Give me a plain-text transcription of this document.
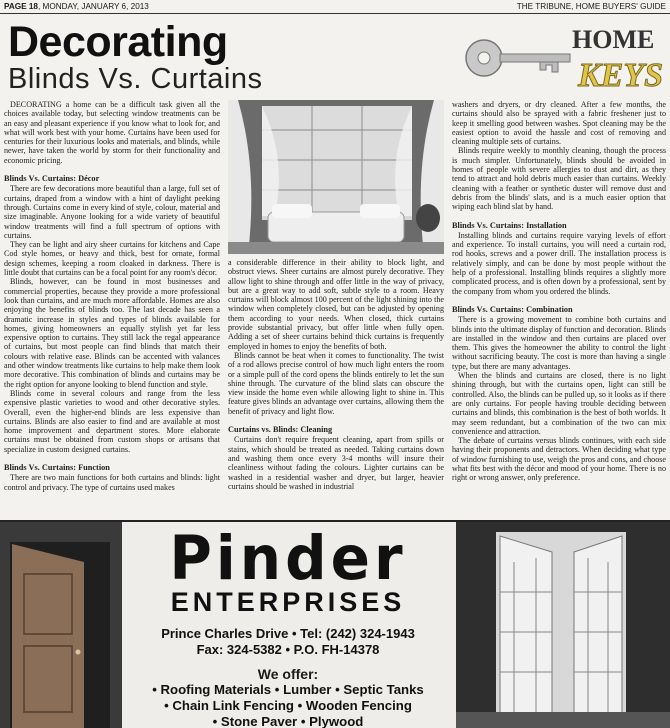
PAGE 18, MONDAY, JANUARY 6, 2013	THE TRIBUNE, HOME BUYERS' GUIDE
Decorating
Blinds Vs. Curtains
HOME
KEYS

DECORATING a home can be a difficult task given all the choices available today, but selecting window treatments can be an easy and pleasant experience if you know what to look for, and what will work best with your home. Curtains have been used for centuries for their luxurious looks and materials, and blinds, while newer, have taken the world by storm for their functionality and economic pricing.

Blinds Vs. Curtains: Décor

There are few decorations more beautiful than a large, full set of curtains, draped from a window with a hint of daylight peeking through. Curtains come in every kind of style, colour, material and size imaginable. Anyone looking for a wide variety of beautiful window treatments will find a full spectrum of options with curtains.

They can be light and airy sheer curtains for kitchens and Cape Cod style homes, or heavy and thick, best for ornate, formal design schemes, keeping a room cloaked in darkness. There is little doubt that curtains can be a focal point for any room's décor.

Blinds, however, can be found in most businesses and commercial properties, because they provide a more professional look than curtains, and are much more affordable. Homes are also enjoying the benefits of blinds too. The last decade has seen a dramatic increase in styles and types of blinds available for homes, giving homeowners an equally stylish yet far less expensive option to curtains. They still lack the regal appearance of curtains, but most people can find blinds that match their colours with relative ease. Blinds can be accented with valances and other window treatments like curtains to help make them look more decorative. This combination of blinds and curtains may be the right option for anyone looking to blend function and style.

Blinds come in several colours and range from the less expensive plastic varieties to wood and other decorative styles. Overall, even the higher-end blinds are less expensive than curtains. Blinds are also easier to find and are available at most home improvement and department stores. More elaborate curtains must be obtained from custom shops or artisans that specialize in custom designed curtains.

Blinds Vs. Curtains: Function

There are two main functions for both curtains and blinds: light control and privacy. The type of curtains used makes

a considerable difference in their ability to block light, and obstruct views. Sheer curtains are almost purely decorative. They allow light to shine through and offer little in the way of privacy, but are a great way to add soft, subtle style to a room. Heavy curtains will block almost 100 percent of the light shining into the window when completely closed, but can be adjusted by opening them according to your needs. When closed, thick curtains provide substantial privacy, but offer little when fully open. Adding a set of sheer curtains behind thick curtains is frequently employed in homes to enjoy the benefits of both.

Blinds cannot be beat when it comes to functionality. The twist of a rod allows precise control of how much light enters the room or a simple pull of the cord opens the blinds entirely to let the sun shine through. The curvature of the blind slats can obscure the view inside the home even while allowing light to shine in. This feature gives blinds an advantage over curtains, allowing them the benefit of privacy and light flow.

Curtains vs. Blinds: Cleaning

Curtains don't require frequent cleaning, apart from spills or stains, which should be treated as needed. Taking curtains down and washing them once every 3-4 months will insure their cleanliness without fading the colours. Lighter curtains can be washed in a residential washer and dryer, but larger, heavier curtains should be washed in industrial

washers and dryers, or dry cleaned. After a few months, the curtains should also be sprayed with a fabric freshener just to keep it smelling good between washes. Spot cleaning may be the easiest option to avoid the hassle and cost of removing and cleaning multiple sets of curtains.

Blinds require weekly to monthly cleaning, though the process is much simpler. Unfortunately, blinds should be avoided in homes of people with severe allergies to dust and dirt, as they tend to attract and hold debris much easier than curtains. Weekly cleaning with a feather or synthetic duster will remove dust and debris from the blinds' slats, and is a much easier option that wiping each blind slat by hand.

Blinds Vs. Curtains: Installation

Installing blinds and curtains require varying levels of effort and experience. To install curtains, you will need a curtain rod, rod hooks, screws and a power drill. The installation process is relatively simply, and can be done by most people without the help of a professional. Installing blinds requires a slightly more complicated process, and is often down by a professional, sent by the company from whom you ordered the blinds.

Blinds Vs. Curtains: Combination

There is a growing movement to combine both curtains and blinds into the ultimate display of function and decoration. Blinds are installed in the window and then curtains are placed over them. This gives the homeowner the ability to control the light without sacrificing beauty. The cost is more than having a single type, but there are many advantages.

When the blinds and curtains are closed, there is no light shining through, but with the curtains open, light can still be controlled. Also, the blinds can be pulled up, so it looks as if there are only curtains. For people having trouble deciding between curtains and blinds, this combination is the best of both worlds. It may seem redundant, but a combination of the two can mix convenience and attraction.

The debate of curtains versus blinds continues, with each side having their proponents and detractors. When deciding what type of window furnishing to use, weigh the pros and cons, and choose what fits best with the décor and mood of your home. There is no right or wrong answer, only preference.

Pinder
ENTERPRISES
Prince Charles Drive • Tel: (242) 324-1943
Fax: 324-5382 • P.O. FH-14378
We offer:
• Roofing Materials • Lumber • Septic Tanks
• Chain Link Fencing • Wooden Fencing
• Stone Paver • Plywood
